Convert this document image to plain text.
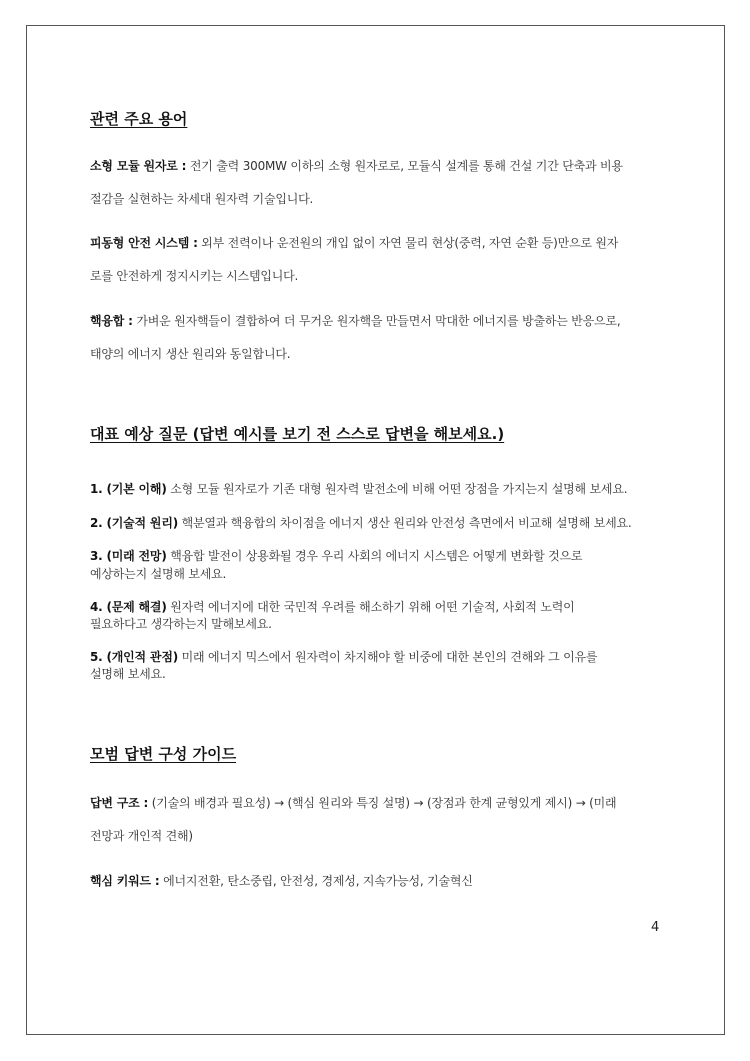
관련 주요 용어
소형 모듈 원자로 : 전기 출력 300MW 이하의 소형 원자로로, 모듈식 설계를 통해 건설 기간 단축과 비용
절감을 실현하는 차세대 원자력 기술입니다.
피동형 안전 시스템 : 외부 전력이나 운전원의 개입 없이 자연 물리 현상(중력, 자연 순환 등)만으로 원자
로를 안전하게 정지시키는 시스템입니다.
핵융합 : 가벼운 원자핵들이 결합하여 더 무거운 원자핵을 만들면서 막대한 에너지를 방출하는 반응으로,
태양의 에너지 생산 원리와 동일합니다.
대표 예상 질문 (답변 예시를 보기 전 스스로 답변을 해보세요.)
1. (기본 이해) 소형 모듈 원자로가 기존 대형 원자력 발전소에 비해 어떤 장점을 가지는지 설명해 보세요.
2. (기술적 원리) 핵분열과 핵융합의 차이점을 에너지 생산 원리와 안전성 측면에서 비교해 설명해 보세요.
3. (미래 전망) 핵융합 발전이 상용화될 경우 우리 사회의 에너지 시스템은 어떻게 변화할 것으로
예상하는지 설명해 보세요.
4. (문제 해결) 원자력 에너지에 대한 국민적 우려를 해소하기 위해 어떤 기술적, 사회적 노력이
필요하다고 생각하는지 말해보세요.
5. (개인적 관점) 미래 에너지 믹스에서 원자력이 차지해야 할 비중에 대한 본인의 견해와 그 이유를
설명해 보세요.
모범 답변 구성 가이드
답변 구조 : (기술의 배경과 필요성) → (핵심 원리와 특징 설명) → (장점과 한계 균형있게 제시) → (미래
전망과 개인적 견해)
핵심 키워드 : 에너지전환, 탄소중립, 안전성, 경제성, 지속가능성, 기술혁신
4
